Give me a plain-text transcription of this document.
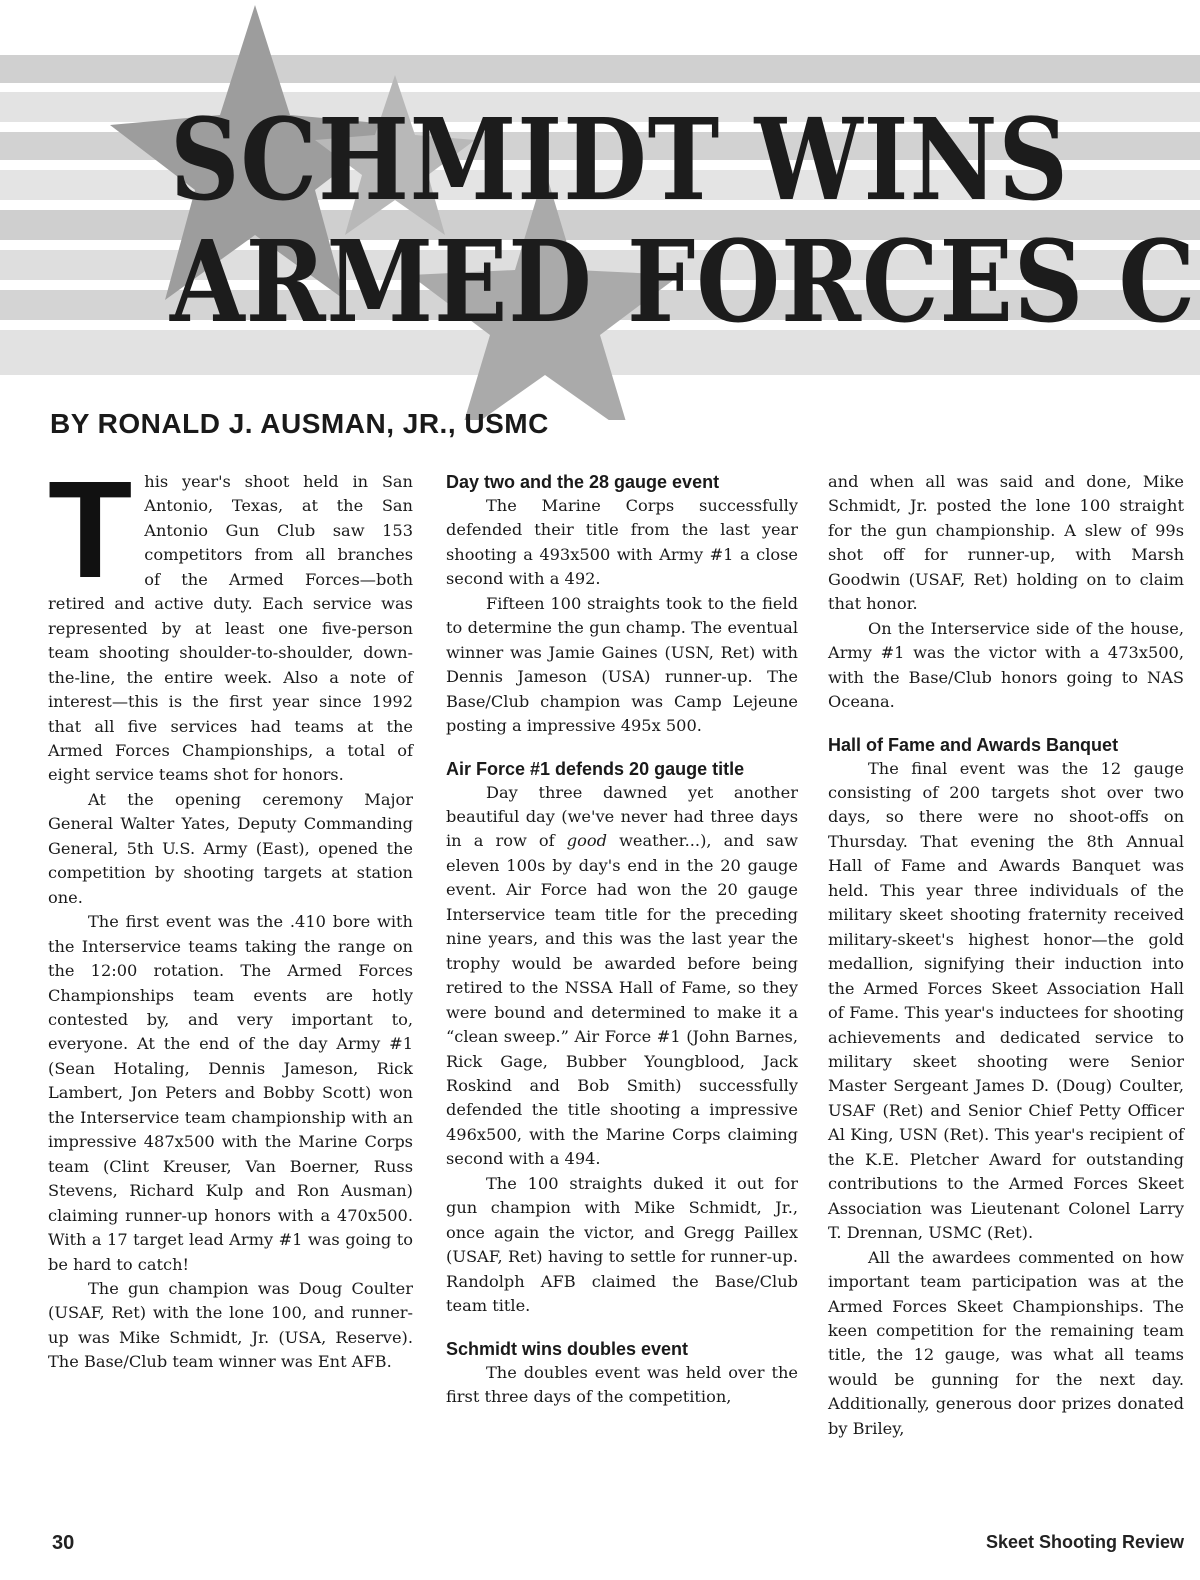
SCHMIDT WINS
ARMED FORCES C
BY RONALD J. AUSMAN, JR., USMC

This year's shoot held in San Antonio, Texas, at the San Antonio Gun Club saw 153 competitors from all branches of the Armed Forces—both retired and active duty. Each service was represented by at least one five-person team shooting shoulder-to-shoulder, down-the-line, the entire week. Also a note of interest—this is the first year since 1992 that all five services had teams at the Armed Forces Championships, a total of eight service teams shot for honors.

At the opening ceremony Major General Walter Yates, Deputy Commanding General, 5th U.S. Army (East), opened the competition by shooting targets at station one.

The first event was the .410 bore with the Interservice teams taking the range on the 12:00 rotation. The Armed Forces Championships team events are hotly contested by, and very important to, everyone. At the end of the day Army #1 (Sean Hotaling, Dennis Jameson, Rick Lambert, Jon Peters and Bobby Scott) won the Interservice team championship with an impressive 487x500 with the Marine Corps team (Clint Kreuser, Van Boerner, Russ Stevens, Richard Kulp and Ron Ausman) claiming runner-up honors with a 470x500. With a 17 target lead Army #1 was going to be hard to catch!

The gun champion was Doug Coulter (USAF, Ret) with the lone 100, and runner-up was Mike Schmidt, Jr. (USA, Reserve). The Base/Club team winner was Ent AFB.

Day two and the 28 gauge event

The Marine Corps successfully defended their title from the last year shooting a 493x500 with Army #1 a close second with a 492.

Fifteen 100 straights took to the field to determine the gun champ. The eventual winner was Jamie Gaines (USN, Ret) with Dennis Jameson (USA) runner-up. The Base/Club champion was Camp Lejeune posting a impressive 495x 500.

Air Force #1 defends 20 gauge title

Day three dawned yet another beautiful day (we've never had three days in a row of good weather...), and saw eleven 100s by day's end in the 20 gauge event. Air Force had won the 20 gauge Interservice team title for the preceding nine years, and this was the last year the trophy would be awarded before being retired to the NSSA Hall of Fame, so they were bound and determined to make it a “clean sweep.” Air Force #1 (John Barnes, Rick Gage, Bubber Youngblood, Jack Roskind and Bob Smith) successfully defended the title shooting a impressive 496x500, with the Marine Corps claiming second with a 494.

The 100 straights duked it out for gun champion with Mike Schmidt, Jr., once again the victor, and Gregg Paillex (USAF, Ret) having to settle for runner-up. Randolph AFB claimed the Base/Club team title.

Schmidt wins doubles event

The doubles event was held over the first three days of the competition,

and when all was said and done, Mike Schmidt, Jr. posted the lone 100 straight for the gun championship. A slew of 99s shot off for runner-up, with Marsh Goodwin (USAF, Ret) holding on to claim that honor.

On the Interservice side of the house, Army #1 was the victor with a 473x500, with the Base/Club honors going to NAS Oceana.

Hall of Fame and Awards Banquet

The final event was the 12 gauge consisting of 200 targets shot over two days, so there were no shoot-offs on Thursday. That evening the 8th Annual Hall of Fame and Awards Banquet was held. This year three individuals of the military skeet shooting fraternity received military-skeet's highest honor—the gold medallion, signifying their induction into the Armed Forces Skeet Association Hall of Fame. This year's inductees for shooting achievements and dedicated service to military skeet shooting were Senior Master Sergeant James D. (Doug) Coulter, USAF (Ret) and Senior Chief Petty Officer Al King, USN (Ret). This year's recipient of the K.E. Pletcher Award for outstanding contributions to the Armed Forces Skeet Association was Lieutenant Colonel Larry T. Drennan, USMC (Ret).

All the awardees commented on how important team participation was at the Armed Forces Skeet Championships. The keen competition for the remaining team title, the 12 gauge, was what all teams would be gunning for the next day. Additionally, generous door prizes donated by Briley,

30	Skeet Shooting Review
